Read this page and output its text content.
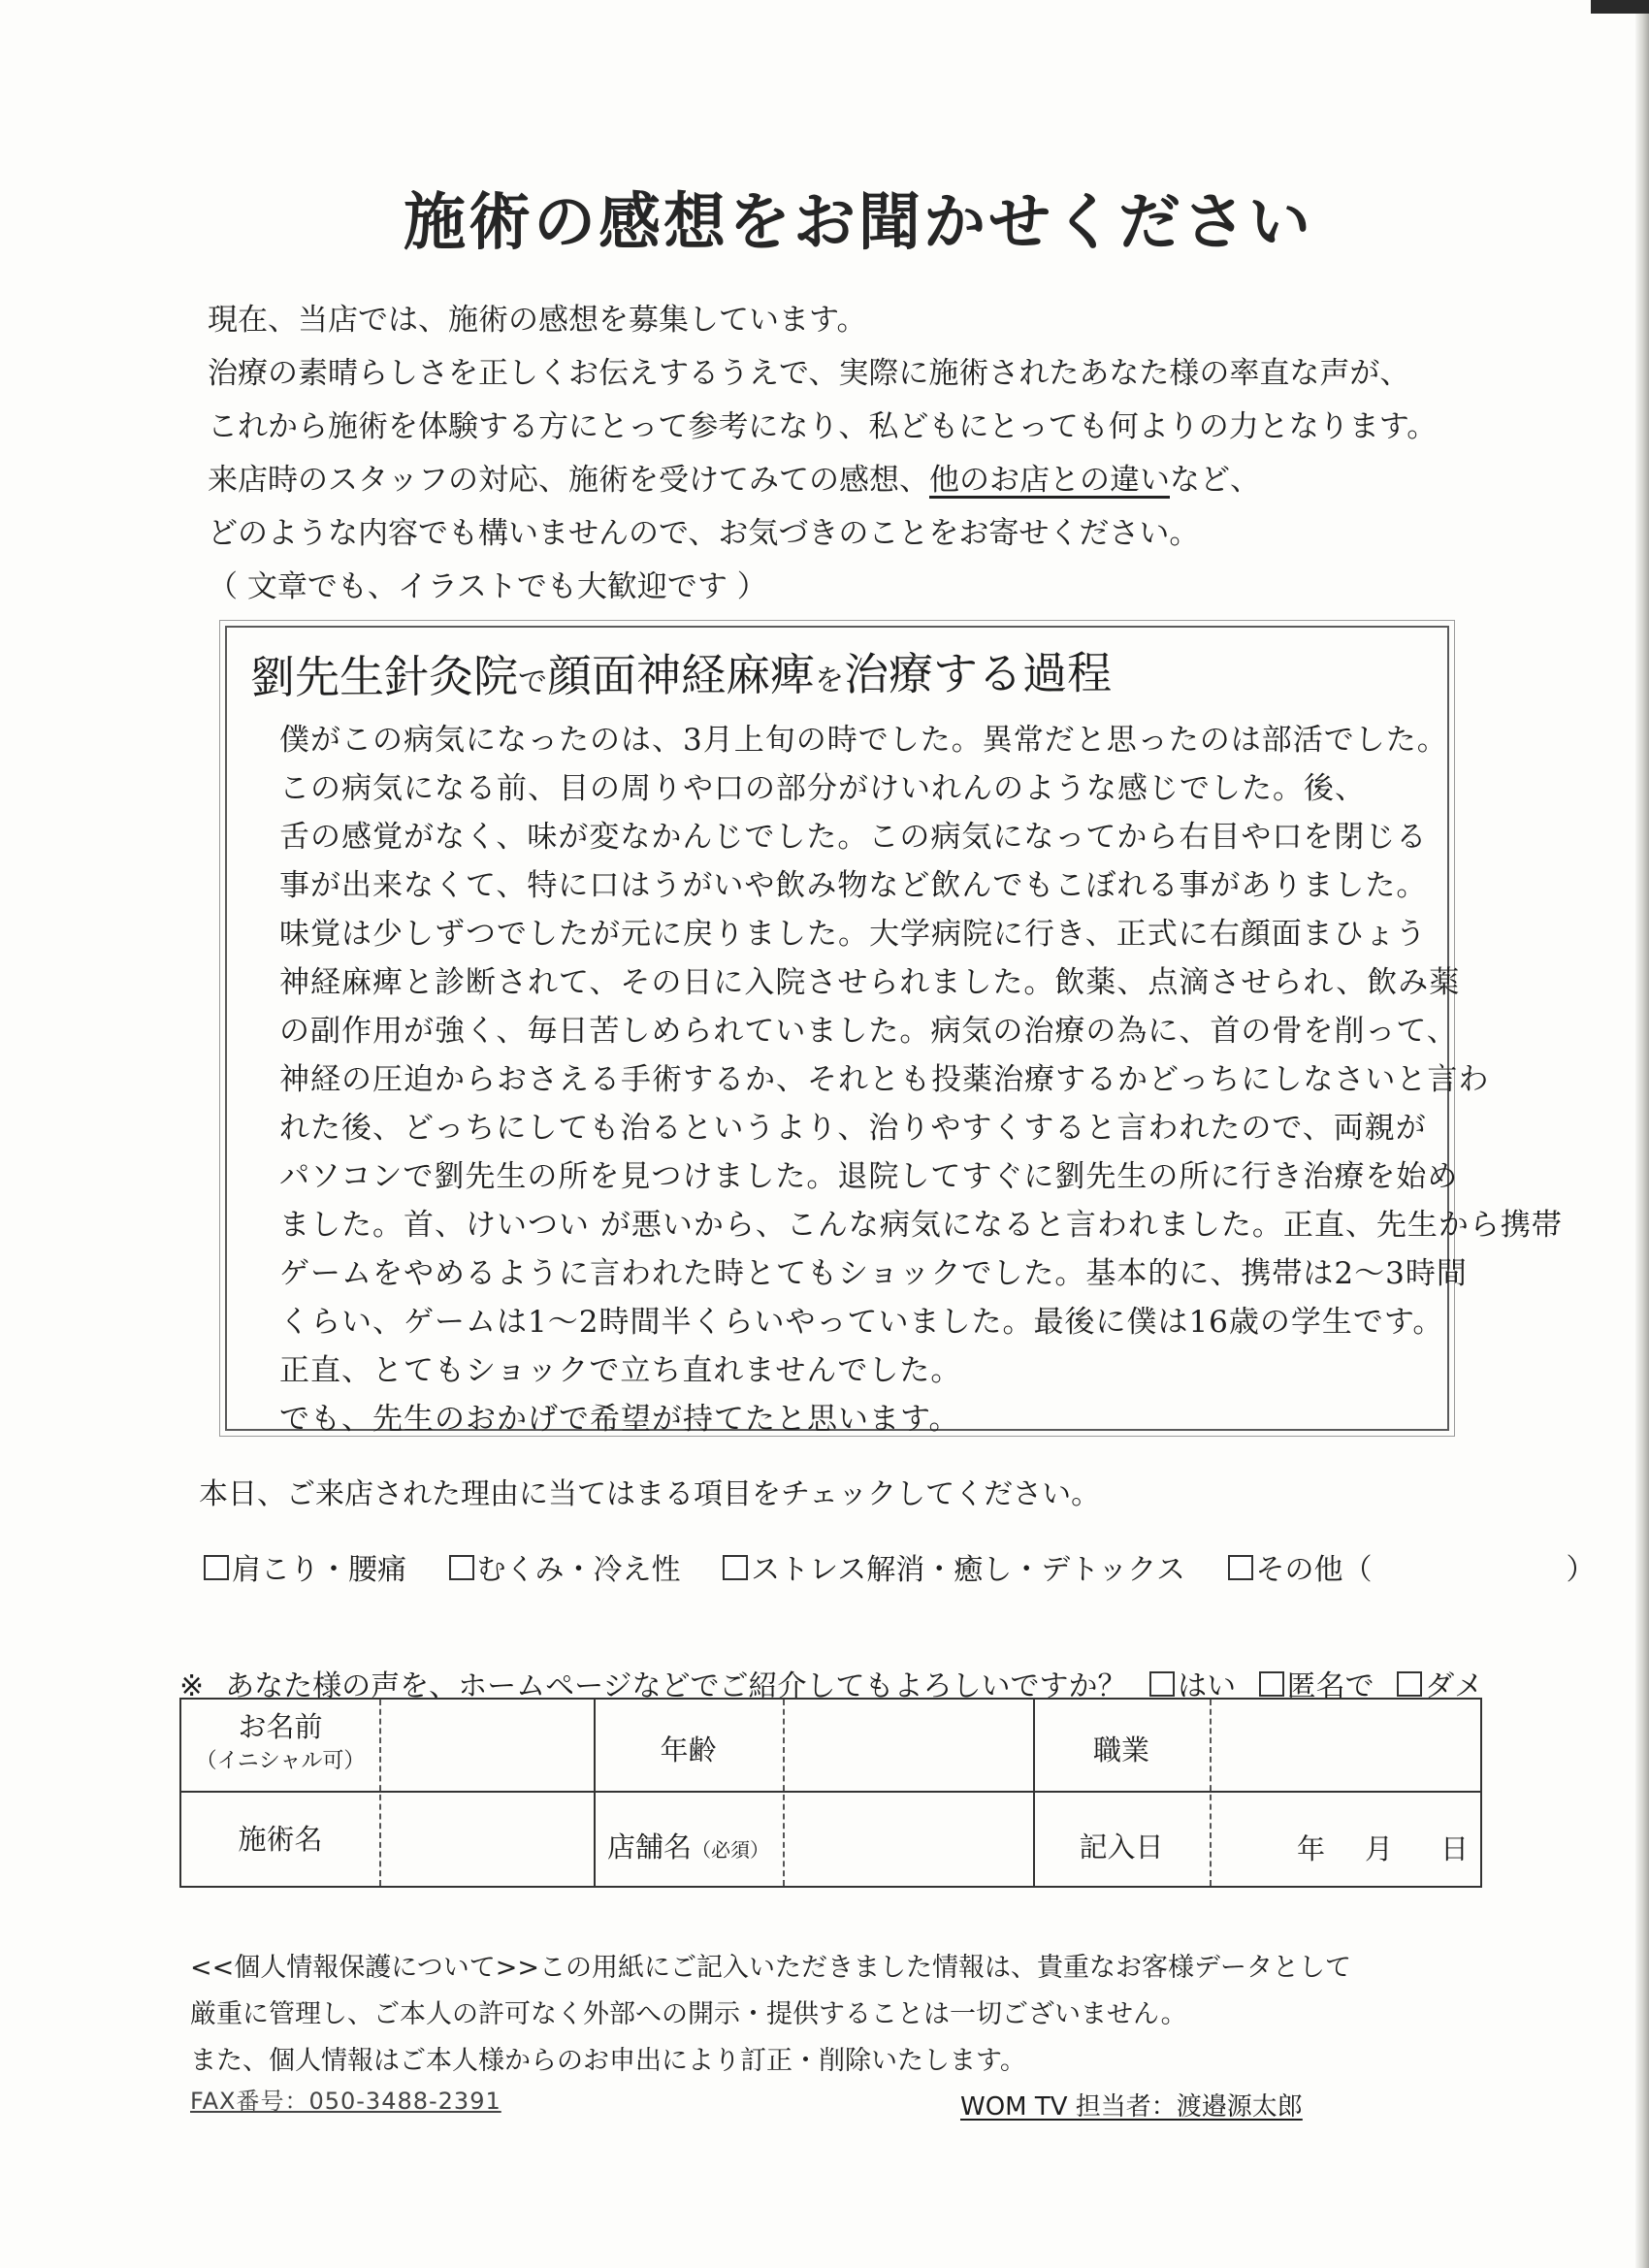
施術の感想をお聞かせください
現在、当店では、施術の感想を募集しています。
治療の素晴らしさを正しくお伝えするうえで、実際に施術されたあなた様の率直な声が、
これから施術を体験する方にとって参考になり、私どもにとっても何よりの力となります。
来店時のスタッフの対応、施術を受けてみての感想、他のお店との違いなど、
どのような内容でも構いませんので、お気づきのことをお寄せください。
（ 文章でも、イラストでも大歓迎です ）
劉先生針灸院で顔面神経麻痺を治療する過程
僕がこの病気になったのは、3月上旬の時でした。異常だと思ったのは部活でした。
この病気になる前、目の周りや口の部分がけいれんのような感じでした。後、
舌の感覚がなく、味が変なかんじでした。この病気になってから右目や口を閉じる
事が出来なくて、特に口はうがいや飲み物など飲んでもこぼれる事がありました。
味覚は少しずつでしたが元に戻りました。大学病院に行き、正式に右顔面まひょう
神経麻痺と診断されて、その日に入院させられました。飲薬、点滴させられ、飲み薬
の副作用が強く、毎日苦しめられていました。病気の治療の為に、首の骨を削って、
神経の圧迫からおさえる手術するか、それとも投薬治療するかどっちにしなさいと言わ
れた後、どっちにしても治るというより、治りやすくすると言われたので、両親が
パソコンで劉先生の所を見つけました。退院してすぐに劉先生の所に行き治療を始め
ました。首、けいつい が悪いから、こんな病気になると言われました。正直、先生から携帯
ゲームをやめるように言われた時とてもショックでした。基本的に、携帯は2～3時間
くらい、ゲームは1～2時間半くらいやっていました。最後に僕は16歳の学生です。
正直、とてもショックで立ち直れませんでした。
でも、先生のおかげで希望が持てたと思います。
本日、ご来店された理由に当てはまる項目をチェックしてください。
肩こり・腰痛 むくみ・冷え性 ストレス解消・癒し・デトックス その他（	）
※ あなた様の声を、ホームページなどでご紹介してもよろしいですか？ はい 匿名で ダメ
お名前
（イニシャル可）	年齢	職業
施術名	店舗名（必須）	記入日	年 月 日
<<個人情報保護について>>この用紙にご記入いただきました情報は、貴重なお客様データとして
厳重に管理し、ご本人の許可なく外部への開示・提供することは一切ございません。
また、個人情報はご本人様からのお申出により訂正・削除いたします。
FAX番号：050-3488-2391	WOM TV 担当者：渡邉源太郎
